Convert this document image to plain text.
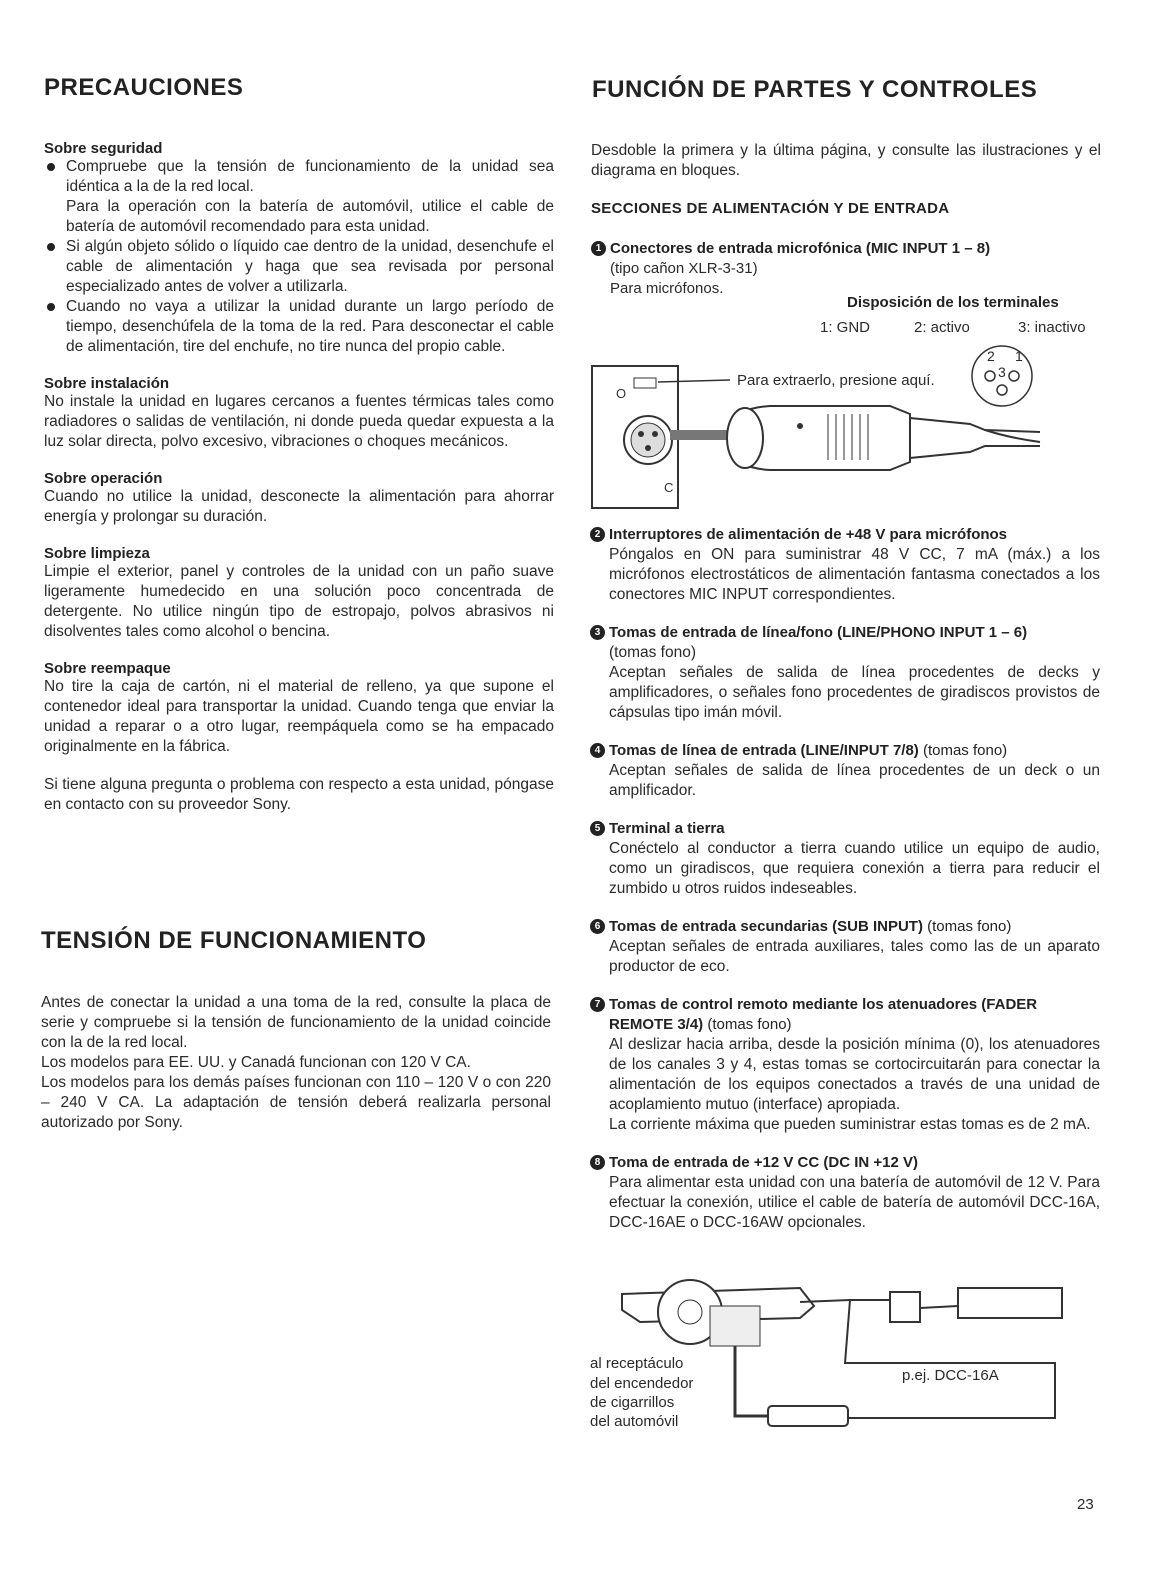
PRECAUCIONES

Sobre seguridad

Compruebe que la tensión de funcionamiento de la unidad sea idéntica a la de la red local.
Para la operación con la batería de automóvil, utilice el cable de batería de automóvil recomendado para esta unidad.
Si algún objeto sólido o líquido cae dentro de la unidad, desenchufe el cable de alimentación y haga que sea revisada por personal especializado antes de volver a utilizarla.
Cuando no vaya a utilizar la unidad durante un largo período de tiempo, desenchúfela de la toma de la red. Para desconectar el cable de alimentación, tire del enchufe, no tire nunca del propio cable.

Sobre instalación

No instale la unidad en lugares cercanos a fuentes térmicas tales como radiadores o salidas de ventilación, ni donde pueda quedar expuesta a la luz solar directa, polvo excesivo, vibraciones o choques mecánicos.

Sobre operación

Cuando no utilice la unidad, desconecte la alimentación para ahorrar energía y prolongar su duración.

Sobre limpieza

Limpie el exterior, panel y controles de la unidad con un paño suave ligeramente humedecido en una solución poco concentrada de detergente. No utilice ningún tipo de estropajo, polvos abrasivos ni disolventes tales como alcohol o bencina.

Sobre reempaque

No tire la caja de cartón, ni el material de relleno, ya que supone el contenedor ideal para transportar la unidad. Cuando tenga que enviar la unidad a reparar o a otro lugar, reempáquela como se ha empacado originalmente en la fábrica.

Si tiene alguna pregunta o problema con respecto a esta unidad, póngase en contacto con su proveedor Sony.

TENSIÓN DE FUNCIONAMIENTO

Antes de conectar la unidad a una toma de la red, consulte la placa de serie y compruebe si la tensión de funcionamiento de la unidad coincide con la de la red local.

Los modelos para EE. UU. y Canadá funcionan con 120 V CA.

Los modelos para los demás países funcionan con 110 – 120 V o con 220 – 240 V CA. La adaptación de tensión deberá realizarla personal autorizado por Sony.

FUNCIÓN DE PARTES Y CONTROLES

Desdoble la primera y la última página, y consulte las ilustraciones y el diagrama en bloques.

SECCIONES DE ALIMENTACIÓN Y DE ENTRADA
1 Conectores de entrada microfónica (MIC INPUT 1 – 8)
(tipo cañon XLR-3-31)
Para micrófonos.
Disposición de los terminales
1: GND	2: activo	3: inactivo
O
C
Para extraerlo, presione aquí.
2 1
3
2 Interruptores de alimentación de +48 V para micrófonos
Póngalos en ON para suministrar 48 V CC, 7 mA (máx.) a los micrófonos electrostáticos de alimentación fantasma conectados a los conectores MIC INPUT correspondientes.
3 Tomas de entrada de línea/fono (LINE/PHONO INPUT 1 – 6)
(tomas fono)
Aceptan señales de salida de línea procedentes de decks y amplificadores, o señales fono procedentes de giradiscos provistos de cápsulas tipo imán móvil.
4 Tomas de línea de entrada (LINE/INPUT 7/8) (tomas fono)
Aceptan señales de salida de línea procedentes de un deck o un amplificador.
5 Terminal a tierra
Conéctelo al conductor a tierra cuando utilice un equipo de audio, como un giradiscos, que requiera conexión a tierra para reducir el zumbido u otros ruidos indeseables.
6 Tomas de entrada secundarias (SUB INPUT) (tomas fono)
Aceptan señales de entrada auxiliares, tales como las de un aparato productor de eco.
7 Tomas de control remoto mediante los atenuadores (FADER REMOTE 3/4) (tomas fono)
Al deslizar hacia arriba, desde la posición mínima (0), los atenuadores de los canales 3 y 4, estas tomas se cortocircuitarán para conectar la alimentación de los equipos conectados a través de una unidad de acoplamiento mutuo (interface) apropiada.
La corriente máxima que pueden suministrar estas tomas es de 2 mA.
8 Toma de entrada de +12 V CC (DC IN +12 V)
Para alimentar esta unidad con una batería de automóvil de 12 V. Para efectuar la conexión, utilice el cable de batería de automóvil DCC-16A, DCC-16AE o DCC-16AW opcionales.
al receptáculo
del encendedor
de cigarrillos
del automóvil
p.ej. DCC-16A
23
